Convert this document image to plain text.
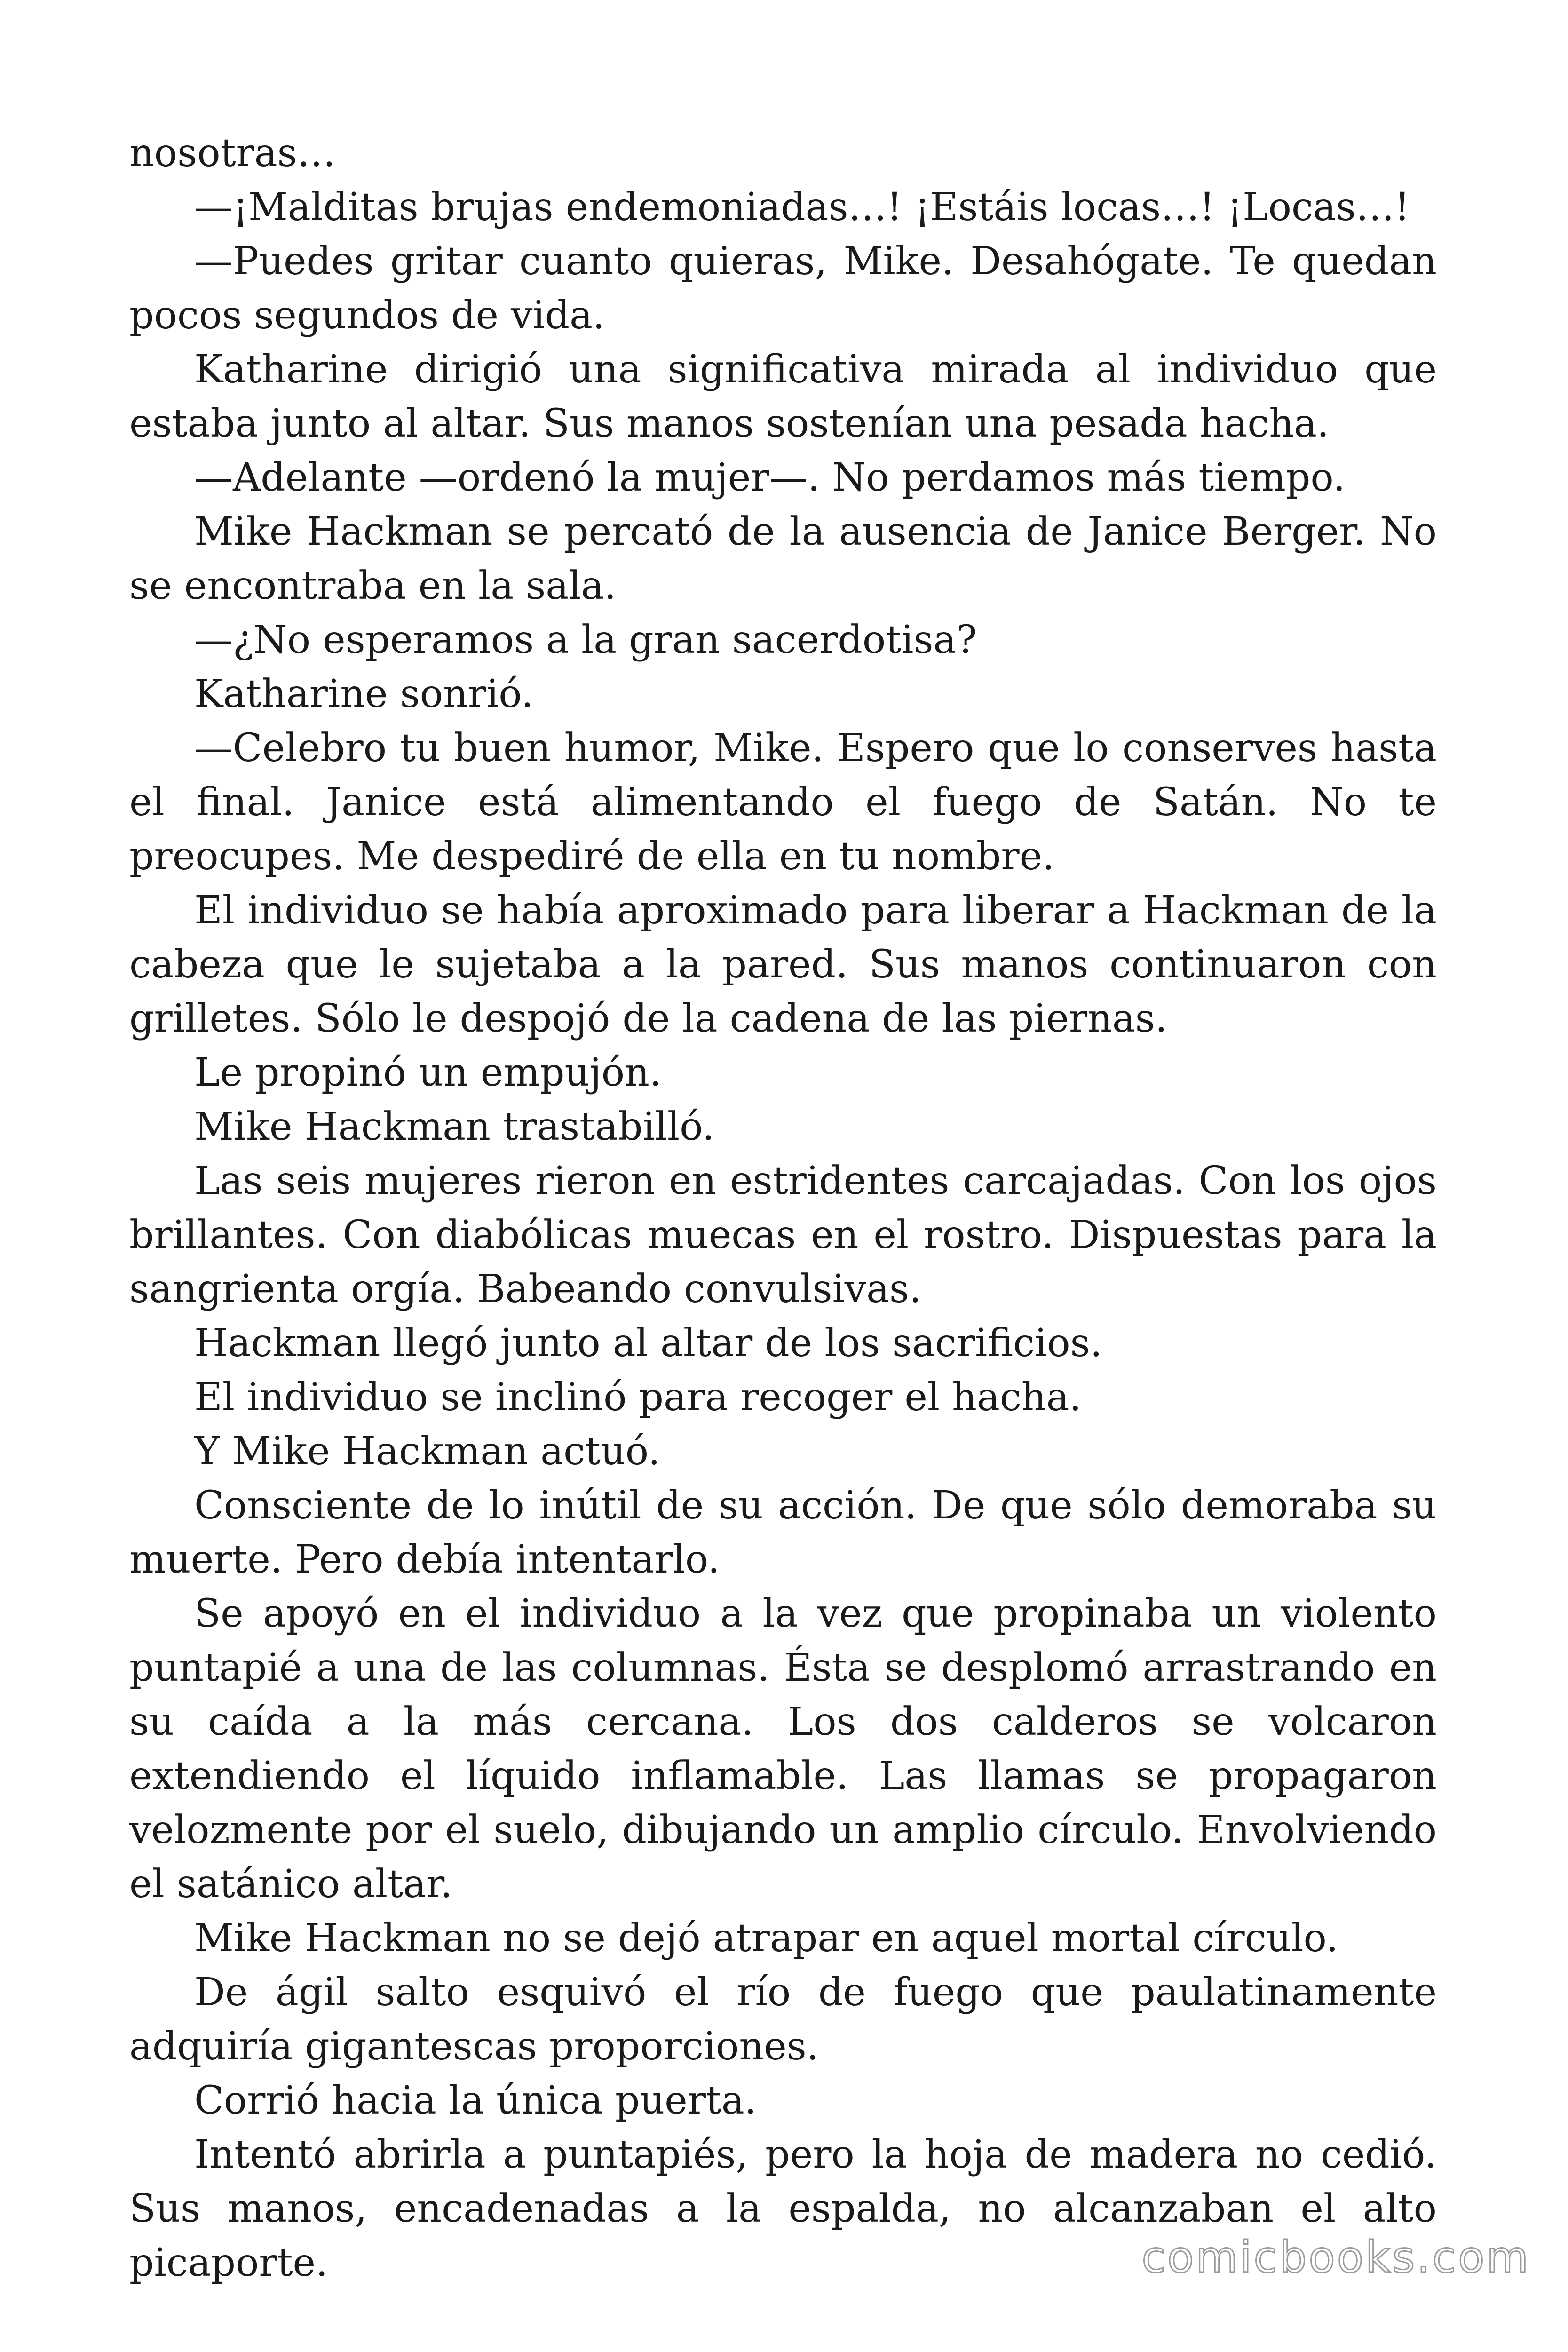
nosotras…

—¡Malditas brujas endemoniadas…! ¡Estáis locas…! ¡Locas…!

—Puedes gritar cuanto quieras, Mike. Desahógate. Te quedan pocos segundos de vida.

Katharine dirigió una significativa mirada al individuo que estaba junto al altar. Sus manos sostenían una pesada hacha.

—Adelante —ordenó la mujer—. No perdamos más tiempo.

Mike Hackman se percató de la ausencia de Janice Berger. No se encontraba en la sala.

—¿No esperamos a la gran sacerdotisa?

Katharine sonrió.

—Celebro tu buen humor, Mike. Espero que lo conserves hasta el final. Janice está alimentando el fuego de Satán. No te preocupes. Me despediré de ella en tu nombre.

El individuo se había aproximado para liberar a Hackman de la cabeza que le sujetaba a la pared. Sus manos continuaron con grilletes. Sólo le despojó de la cadena de las piernas.

Le propinó un empujón.

Mike Hackman trastabilló.

Las seis mujeres rieron en estridentes carcajadas. Con los ojos brillantes. Con diabólicas muecas en el rostro. Dispuestas para la sangrienta orgía. Babeando convulsivas.

Hackman llegó junto al altar de los sacrificios.

El individuo se inclinó para recoger el hacha.

Y Mike Hackman actuó.

Consciente de lo inútil de su acción. De que sólo demoraba su muerte. Pero debía intentarlo.

Se apoyó en el individuo a la vez que propinaba un violento puntapié a una de las columnas. Ésta se desplomó arrastrando en su caída a la más cercana. Los dos calderos se volcaron extendiendo el líquido inflamable. Las llamas se propagaron velozmente por el suelo, dibujando un amplio círculo. Envolviendo el satánico altar.

Mike Hackman no se dejó atrapar en aquel mortal círculo.

De ágil salto esquivó el río de fuego que paulatinamente adquiría gigantescas proporciones.

Corrió hacia la única puerta.

Intentó abrirla a puntapiés, pero la hoja de madera no cedió. Sus manos, encadenadas a la espalda, no alcanzaban el alto picaporte.	comicbooks.com
